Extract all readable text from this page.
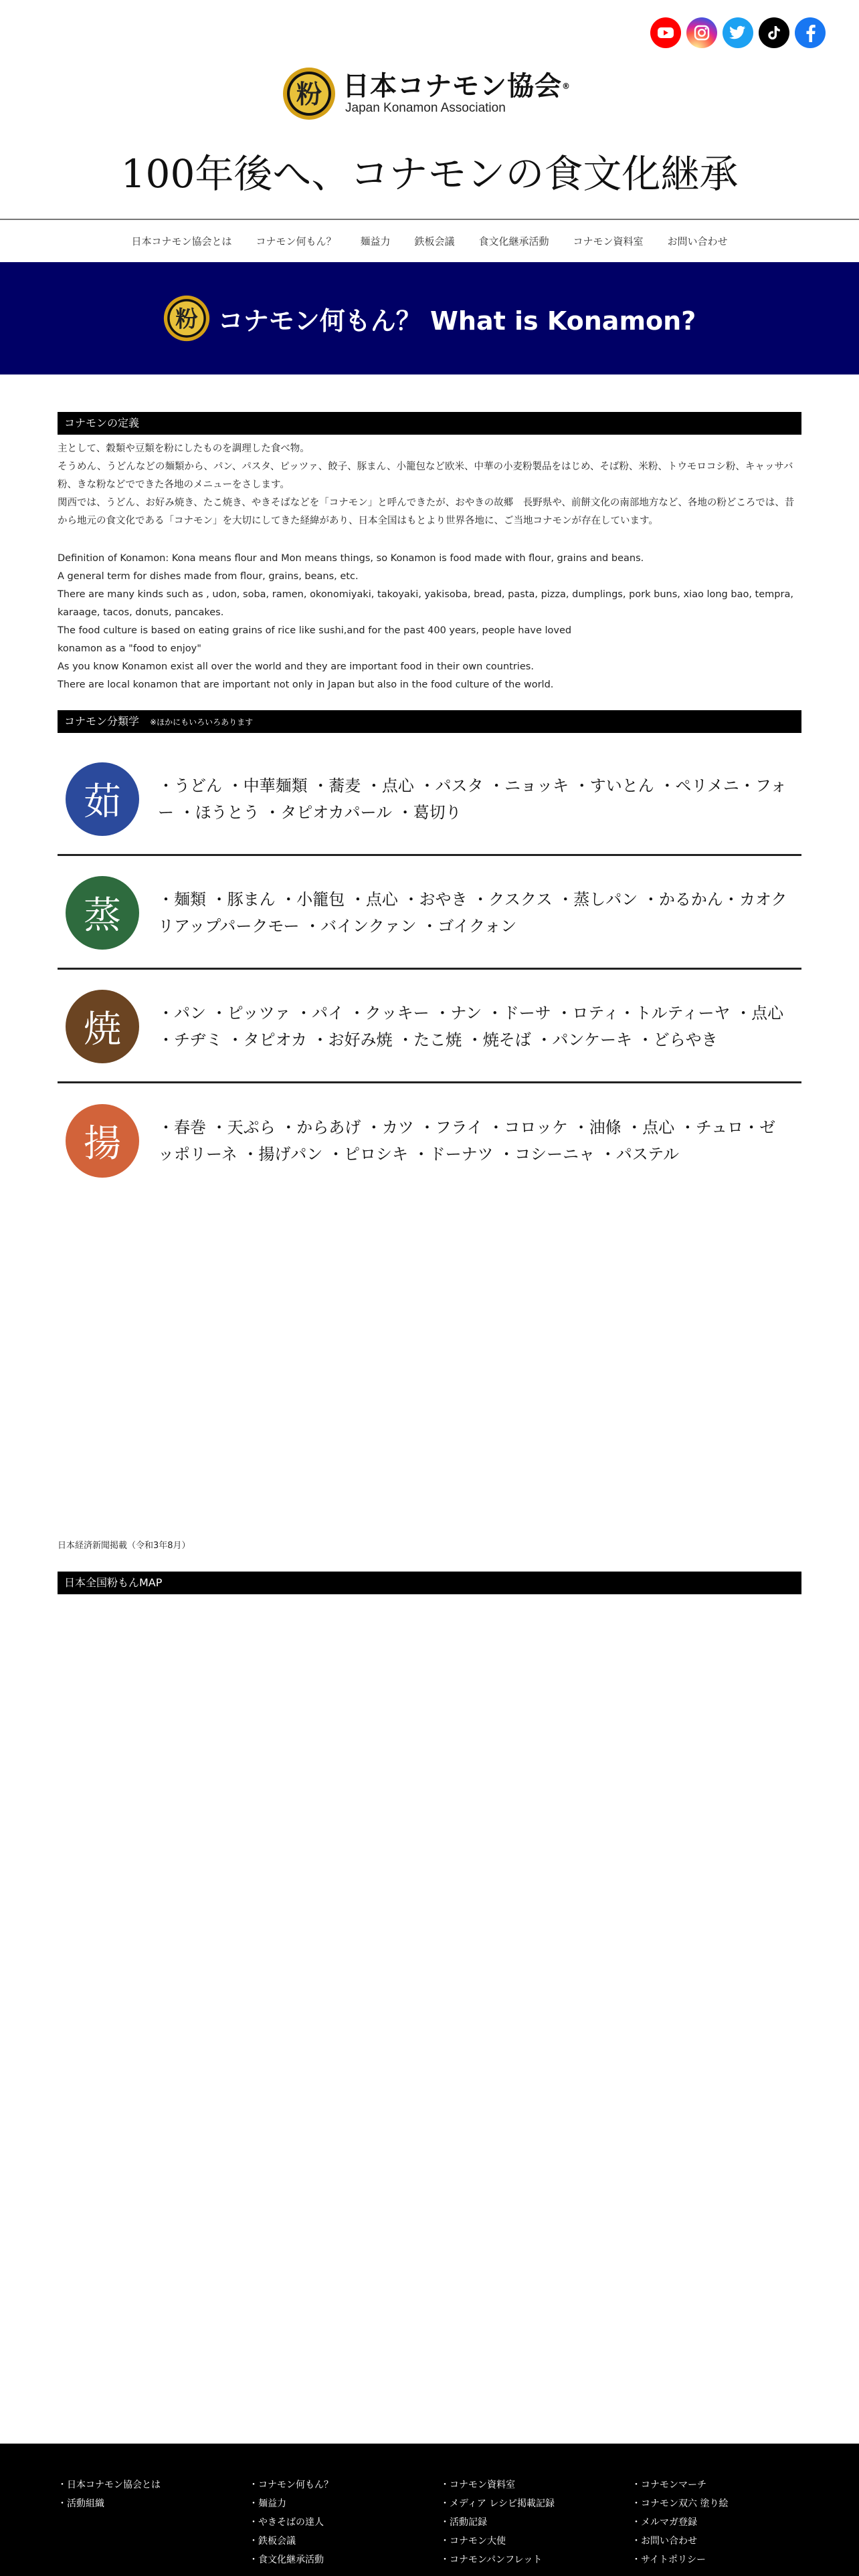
粉 日本コナモン協会®
Japan Konamon Association
100年後へ、コナモンの食文化継承
日本コナモン協会とは コナモン何もん？ 麺益力 鉄板会議 食文化継承活動 コナモン資料室 お問い合わせ
粉 コナモン何もん？ What is Konamon?
コナモンの定義

主として、穀類や豆類を粉にしたものを調理した食べ物。

そうめん、うどんなどの麺類から、パン、パスタ、ピッツァ、餃子、豚まん、小籠包など欧米、中華の小麦粉製品をはじめ、そば粉、米粉、トウモロコシ粉、キャッサバ粉、きな粉などでできた各地のメニューをさします。

関西では、うどん、お好み焼き、たこ焼き、やきそばなどを「コナモン」と呼んできたが、おやきの故郷　長野県や、前餅文化の南部地方など、各地の粉どころでは、昔から地元の食文化である「コナモン」を大切にしてきた経緯があり、日本全国はもとより世界各地に、ご当地コナモンが存在しています。

Definition of Konamon: Kona means flour and Mon means things, so Konamon is food made with flour, grains and beans.

A general term for dishes made from flour, grains, beans, etc.

There are many kinds such as , udon, soba, ramen, okonomiyaki, takoyaki, yakisoba, bread, pasta, pizza, dumplings, pork buns, xiao long bao, tempra, karaage, tacos, donuts, pancakes.

The food culture is based on eating grains of rice like sushi,and for the past 400 years, people have loved

konamon as a "food to enjoy"

As you know Konamon exist all over the world and they are important food in their own countries.

There are local konamon that are important not only in Japan but also in the food culture of the world.

コナモン分類学 ※ほかにもいろいろあります
茹	・うどん ・中華麺類 ・蕎麦 ・点心 ・パスタ ・ニョッキ ・すいとん ・ペリメニ・フォー ・ほうとう ・タピオカパール ・葛切り
蒸	・麺類 ・豚まん ・小籠包 ・点心 ・おやき ・クスクス ・蒸しパン ・かるかん・カオクリアップパークモー ・バインクァン ・ゴイクォン
焼	・パン ・ピッツァ ・パイ ・クッキー ・ナン ・ドーサ ・ロティ・トルティーヤ ・点心 ・チヂミ ・タピオカ ・お好み焼 ・たこ焼 ・焼そば ・パンケーキ ・どらやき
揚	・春巻 ・天ぷら ・からあげ ・カツ ・フライ ・コロッケ ・油條 ・点心 ・チュロ・ゼッポリーネ ・揚げパン ・ピロシキ ・ドーナツ ・コシーニャ ・パステル
日本経済新聞掲載（令和3年8月）
日本全国粉もんMAP
・日本コナモン協会とは
・活動組織
・コナモン何もん？
・麺益力
・やきそばの達人
・鉄板会議
・食文化継承活動
・コナモン資料室
・メディア レシピ掲載記録
・活動記録
・コナモン大使
・コナモンパンフレット
・コナモンマーチ
・コナモン双六 塗り絵
・メルマガ登録
・お問い合わせ
・サイトポリシー
